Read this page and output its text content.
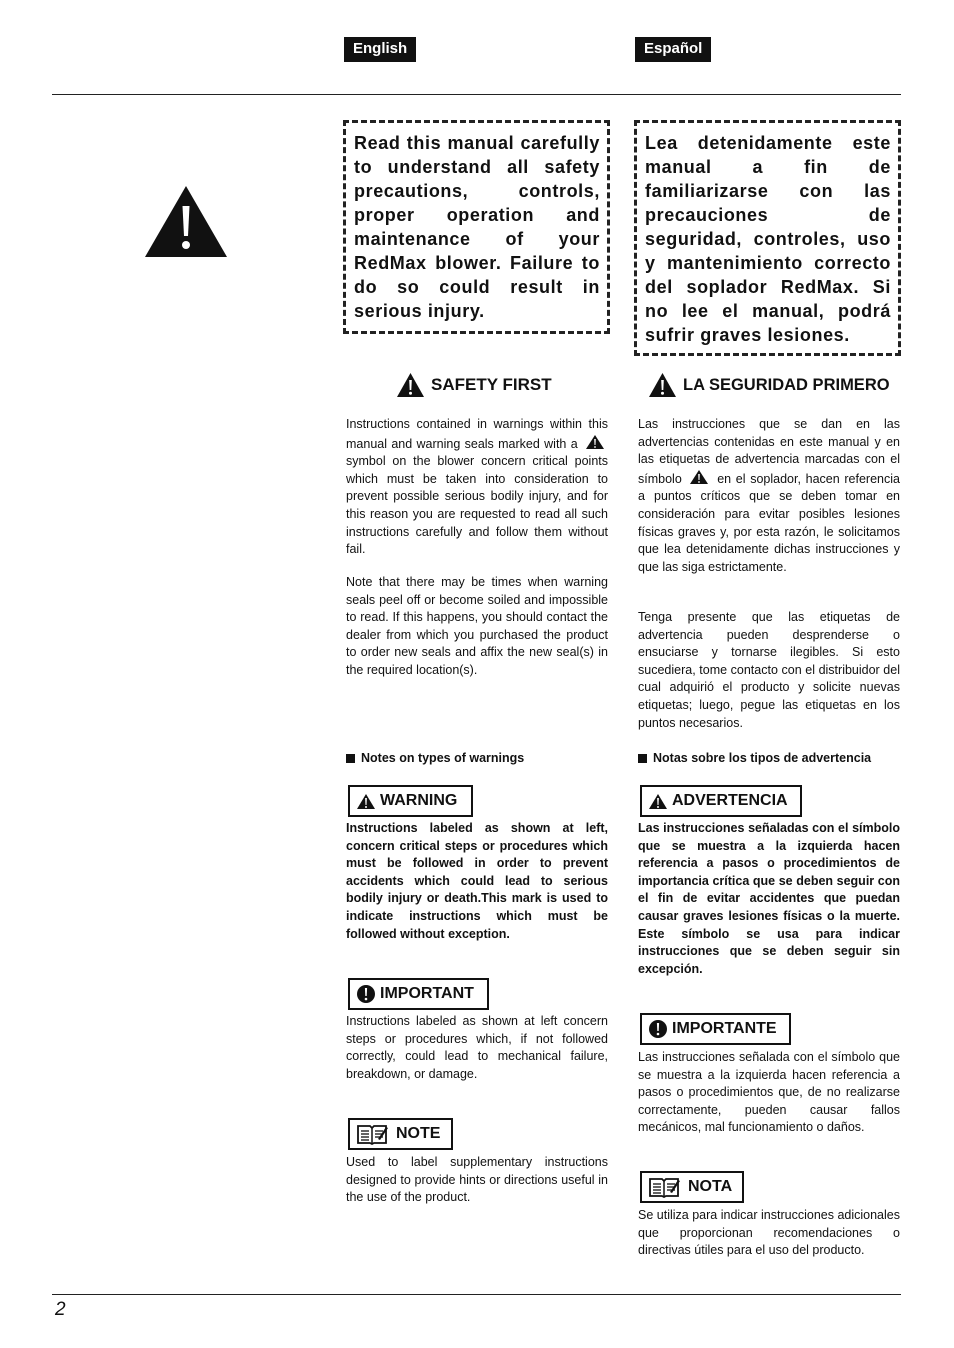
English	Español

Read this manual carefully to understand all safety precautions, controls, proper operation and maintenance of your RedMax blower. Failure to do so could result in serious injury.

Lea detenidamente este manual a fin de familiarizarse con las precauciones de seguridad, controles, uso y mantenimiento correcto del soplador RedMax. Si no lee el manual, podrá sufrir graves lesiones.

SAFETY FIRST	LA SEGURIDAD PRIMERO

Instructions contained in warnings within this manual and warning seals marked with a  symbol on the blower concern critical points which must be taken into consideration to prevent possible serious bodily injury, and for this reason you are requested to read all such instructions carefully and follow them without fail.

Note that there may be times when warning seals peel off or become soiled and impossible to read. If this happens, you should contact the dealer from which you purchased the product to order new seals and affix the new seal(s) in the required location(s).

Las instrucciones que se dan en las advertencias contenidas en este manual y en las etiquetas de advertencia marcadas con el símbolo	en el soplador, hacen referencia a puntos críticos que se deben tomar en consideración para evitar posibles lesiones físicas graves y, por esta razón, le solicitamos que lea detenidamente dichas instrucciones y que las siga estrictamente.

Tenga presente que las etiquetas de advertencia pueden desprenderse o ensuciarse y tornarse ilegibles. Si esto sucediera, tome contacto con el distribuidor del cual adquirió el producto y solicite nuevas etiquetas; luego, pegue las etiquetas en los puntos necesarios.

Notes on types of warnings	Notas sobre los tipos de advertencia
WARNING

Instructions labeled as shown at left, concern critical steps or procedures which must be followed in order to prevent accidents which could lead to serious bodily injury or death.This mark is used to indicate instructions which must be followed without exception.

ADVERTENCIA

Las instrucciones señaladas con el símbolo que se muestra a la izquierda hacen referencia a pasos o procedimientos de importancia crítica que se deben seguir con el fin de evitar accidentes que puedan causar graves lesiones físicas o la muerte. Este símbolo se usa para indicar instrucciones que se deben seguir sin excepción.

IMPORTANT

Instructions labeled as shown at left concern steps or procedures which, if not followed correctly, could lead to mechanical failure, breakdown, or damage.

IMPORTANTE

Las instrucciones señalada con el símbolo que se muestra a la izquierda hacen referencia a pasos o procedimientos que, de no realizarse correctamente, pueden causar fallos mecánicos, mal funcionamiento o daños.

NOTE

Used to label supplementary instructions designed to provide hints or directions useful in the use of the product.

NOTA

Se utiliza para indicar instrucciones adicionales que proporcionan recomendaciones o directivas útiles para el uso del producto.

2
